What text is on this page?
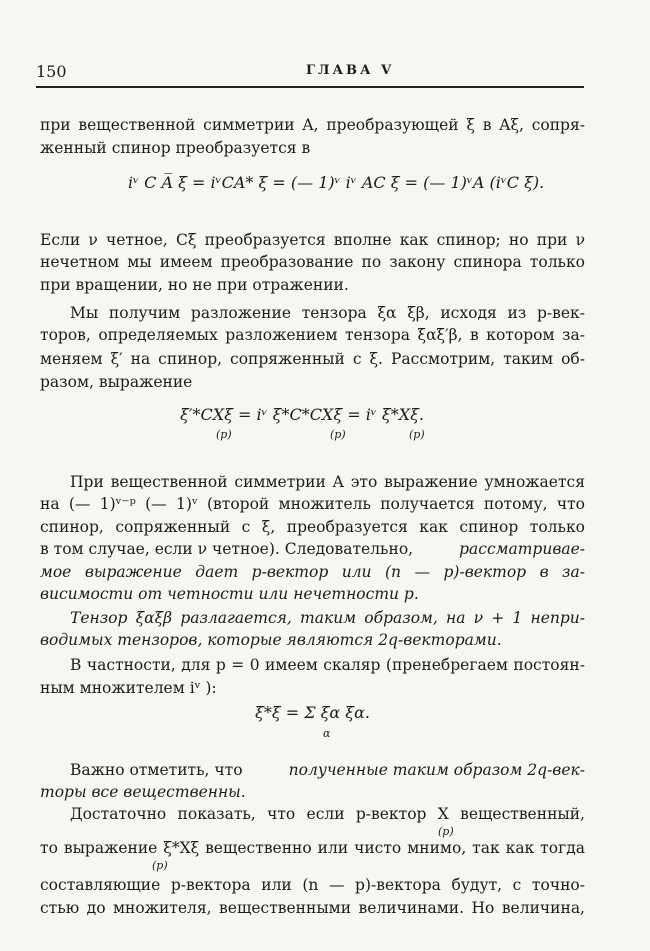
150	ГЛАВА V
при вещественной симметрии A, преобразующей ξ в Aξ, сопря-
женный спинор преобразуется в
iᵛ C A̅ ξ̅ = iᵛCA* ξ̅ = (— 1)ᵛ iᵛ AC ξ̅ = (— 1)ᵛA (iᵛC ξ̅).
Если ν четное, Cξ̅ преобразуется вполне как спинор; но при ν
нечетном мы имеем преобразование по закону спинора только
при вращении, но не при отражении.
Мы получим разложение тензора ξα ξ̅β, исходя из p-век-
торов, определяемых разложением тензора ξαξ′β, в котором за-
меняем ξ′ на спинор, сопряженный с ξ. Рассмотрим, таким об-
разом, выражение
ξ′*CXξ = iᵛ ξ̅*C*CXξ = iᵛ ξ̅*Xξ.
(p)	(p)	(p)
При вещественной симметрии A это выражение умножается
на (— 1)ᵛ⁻ᵖ (— 1)ᵛ (второй множитель получается потому, что
спинор, сопряженный с ξ, преобразуется как спинор только
в том случае, если ν четное). Следовательно,	рассматривае-
мое выражение дает p-вектор или (n — p)-вектор в за-
висимости от четности или нечетности p.
Тензор ξαξ̅β разлагается, таким образом, на ν + 1 непри-
водимых тензоров, которые являются 2q-векторами.
В частности, для p = 0 имеем скаляр (пренебрегаем постоян-
ным множителем iᵛ ):
ξ̅*ξ = Σ ξα ξ̅α.
α
Важно отметить, что	полученные таким образом 2q-век-
торы все вещественны.
Достаточно показать, что если p-вектор X вещественный,
(p)
то выражение ξ̅*Xξ вещественно или чисто мнимо, так как тогда
(p)
составляющие p-вектора или (n — p)-вектора будут, с точно-
стью до множителя, вещественными величинами. Но величина,
